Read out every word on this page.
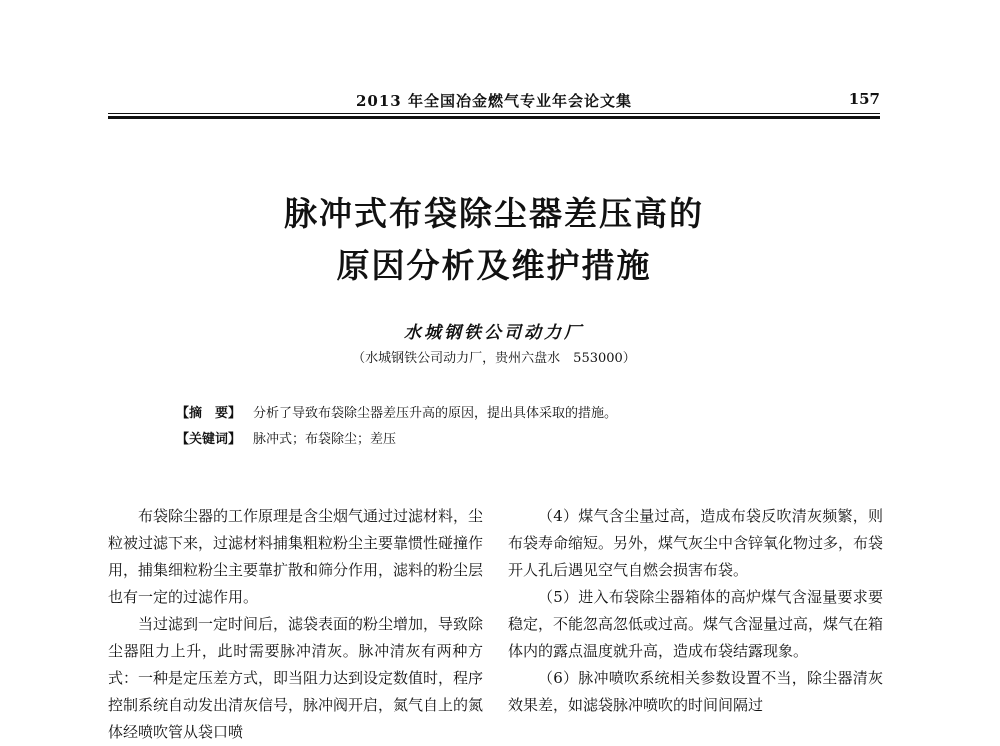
2013 年全国冶金燃气专业年会论文集	157
脉冲式布袋除尘器差压高的
原因分析及维护措施
水城钢铁公司动力厂
（水城钢铁公司动力厂，贵州六盘水　553000）
【摘　要】 分析了导致布袋除尘器差压升高的原因，提出具体采取的措施。
【关键词】 脉冲式；布袋除尘；差压

布袋除尘器的工作原理是含尘烟气通过过滤材料，尘粒被过滤下来，过滤材料捕集粗粒粉尘主要靠惯性碰撞作用，捕集细粒粉尘主要靠扩散和筛分作用，滤料的粉尘层也有一定的过滤作用。

当过滤到一定时间后，滤袋表面的粉尘增加，导致除尘器阻力上升，此时需要脉冲清灰。脉冲清灰有两种方式：一种是定压差方式，即当阻力达到设定数值时，程序控制系统自动发出清灰信号，脉冲阀开启，氮气自上的氮体经喷吹管从袋口喷

（4）煤气含尘量过高，造成布袋反吹清灰频繁，则布袋寿命缩短。另外，煤气灰尘中含锌氧化物过多，布袋开人孔后遇见空气自燃会损害布袋。

（5）进入布袋除尘器箱体的高炉煤气含湿量要求要稳定，不能忽高忽低或过高。煤气含湿量过高，煤气在箱体内的露点温度就升高，造成布袋结露现象。

（6）脉冲喷吹系统相关参数设置不当，除尘器清灰效果差，如滤袋脉冲喷吹的时间间隔过
